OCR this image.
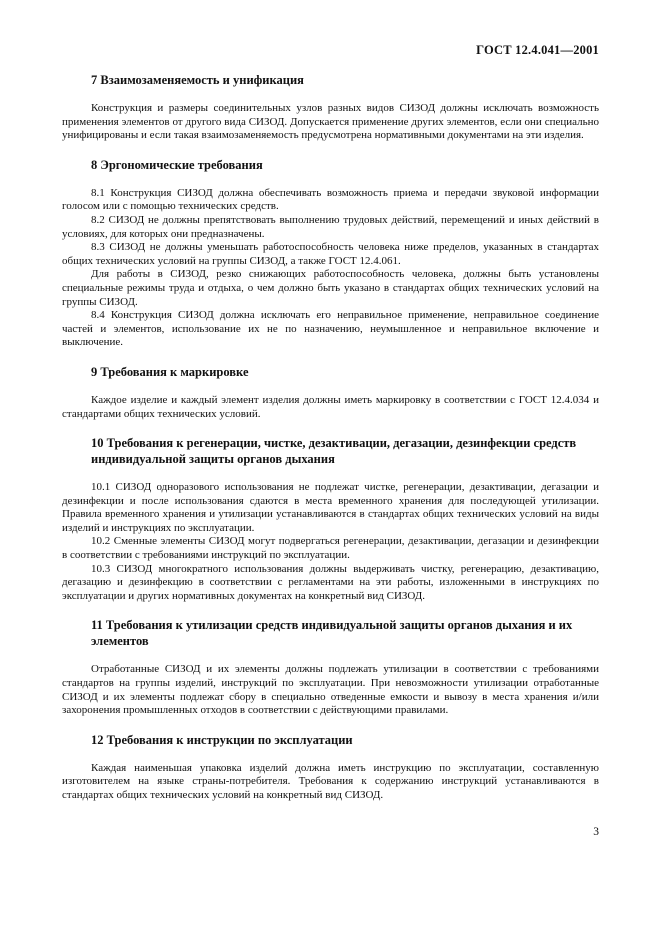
ГОСТ 12.4.041—2001
7 Взаимозаменяемость и унификация

Конструкция и размеры соединительных узлов разных видов СИЗОД должны исключать возможность применения элементов от другого вида СИЗОД. Допускается применение других элементов, если они специально унифицированы и если такая взаимозаменяемость предусмотрена нормативными документами на эти изделия.

8 Эргономические требования

8.1 Конструкция СИЗОД должна обеспечивать возможность приема и передачи звуковой информации голосом или с помощью технических средств.

8.2 СИЗОД не должны препятствовать выполнению трудовых действий, перемещений и иных действий в условиях, для которых они предназначены.

8.3 СИЗОД не должны уменьшать работоспособность человека ниже пределов, указанных в стандартах общих технических условий на группы СИЗОД, а также ГОСТ 12.4.061.

Для работы в СИЗОД, резко снижающих работоспособность человека, должны быть установлены специальные режимы труда и отдыха, о чем должно быть указано в стандартах общих технических условий на группы СИЗОД.

8.4 Конструкция СИЗОД должна исключать его неправильное применение, неправильное соединение частей и элементов, использование их не по назначению, неумышленное и неправильное включение и выключение.

9 Требования к маркировке

Каждое изделие и каждый элемент изделия должны иметь маркировку в соответствии с ГОСТ 12.4.034 и стандартами общих технических условий.

10 Требования к регенерации, чистке, дезактивации, дегазации, дезинфекции средств индивидуальной защиты органов дыхания

10.1 СИЗОД одноразового использования не подлежат чистке, регенерации, дезактивации, дегазации и дезинфекции и после использования сдаются в места временного хранения для последующей утилизации. Правила временного хранения и утилизации устанавливаются в стандартах общих технических условий на виды изделий и инструкциях по эксплуатации.

10.2 Сменные элементы СИЗОД могут подвергаться регенерации, дезактивации, дегазации и дезинфекции в соответствии с требованиями инструкций по эксплуатации.

10.3 СИЗОД многократного использования должны выдерживать чистку, регенерацию, дезактивацию, дегазацию и дезинфекцию в соответствии с регламентами на эти работы, изложенными в инструкциях по эксплуатации и других нормативных документах на конкретный вид СИЗОД.

11 Требования к утилизации средств индивидуальной защиты органов дыхания и их элементов

Отработанные СИЗОД и их элементы должны подлежать утилизации в соответствии с требованиями стандартов на группы изделий, инструкций по эксплуатации. При невозможности утилизации отработанные СИЗОД и их элементы подлежат сбору в специально отведенные емкости и вывозу в места хранения и/или захоронения промышленных отходов в соответствии с действующими правилами.

12 Требования к инструкции по эксплуатации

Каждая наименьшая упаковка изделий должна иметь инструкцию по эксплуатации, составленную изготовителем на языке страны-потребителя. Требования к содержанию инструкций устанавливаются в стандартах общих технических условий на конкретный вид СИЗОД.

3
